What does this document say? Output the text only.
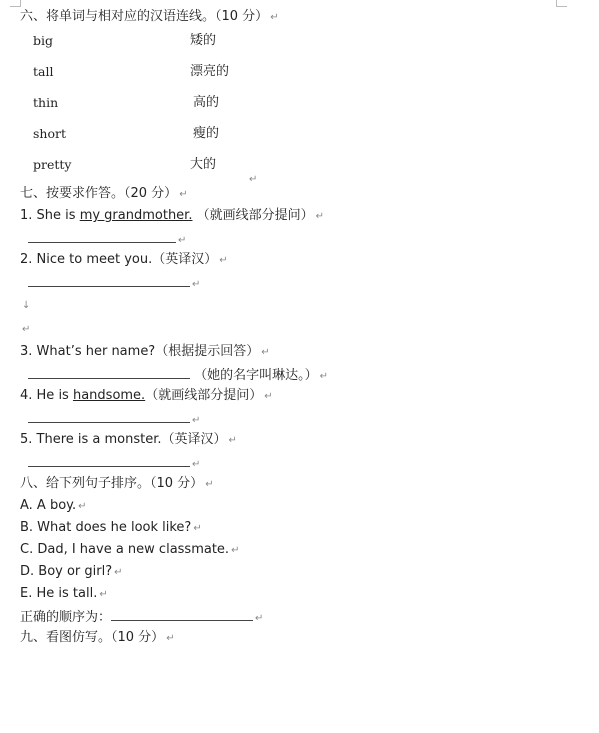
六、将单词与相对应的汉语连线。（10 分） ↵
big
tall
thin
short
pretty
矮的
漂亮的
高的
瘦的
大的
↵
七、按要求作答。（20 分） ↵
1. She is my grandmother. （就画线部分提问） ↵
↵
2. Nice to meet you.（英译汉） ↵
↵
↓
↵
3. What’s her name?（根据提示回答） ↵
（她的名字叫琳达。） ↵
4. He is handsome.（就画线部分提问） ↵
↵
5. There is a monster.（英译汉） ↵
↵
八、给下列句子排序。（10 分） ↵
A. A boy. ↵
B. What does he look like? ↵
C. Dad, I have a new classmate. ↵
D. Boy or girl? ↵
E. He is tall. ↵
正确的顺序为：	↵
九、看图仿写。（10 分） ↵
